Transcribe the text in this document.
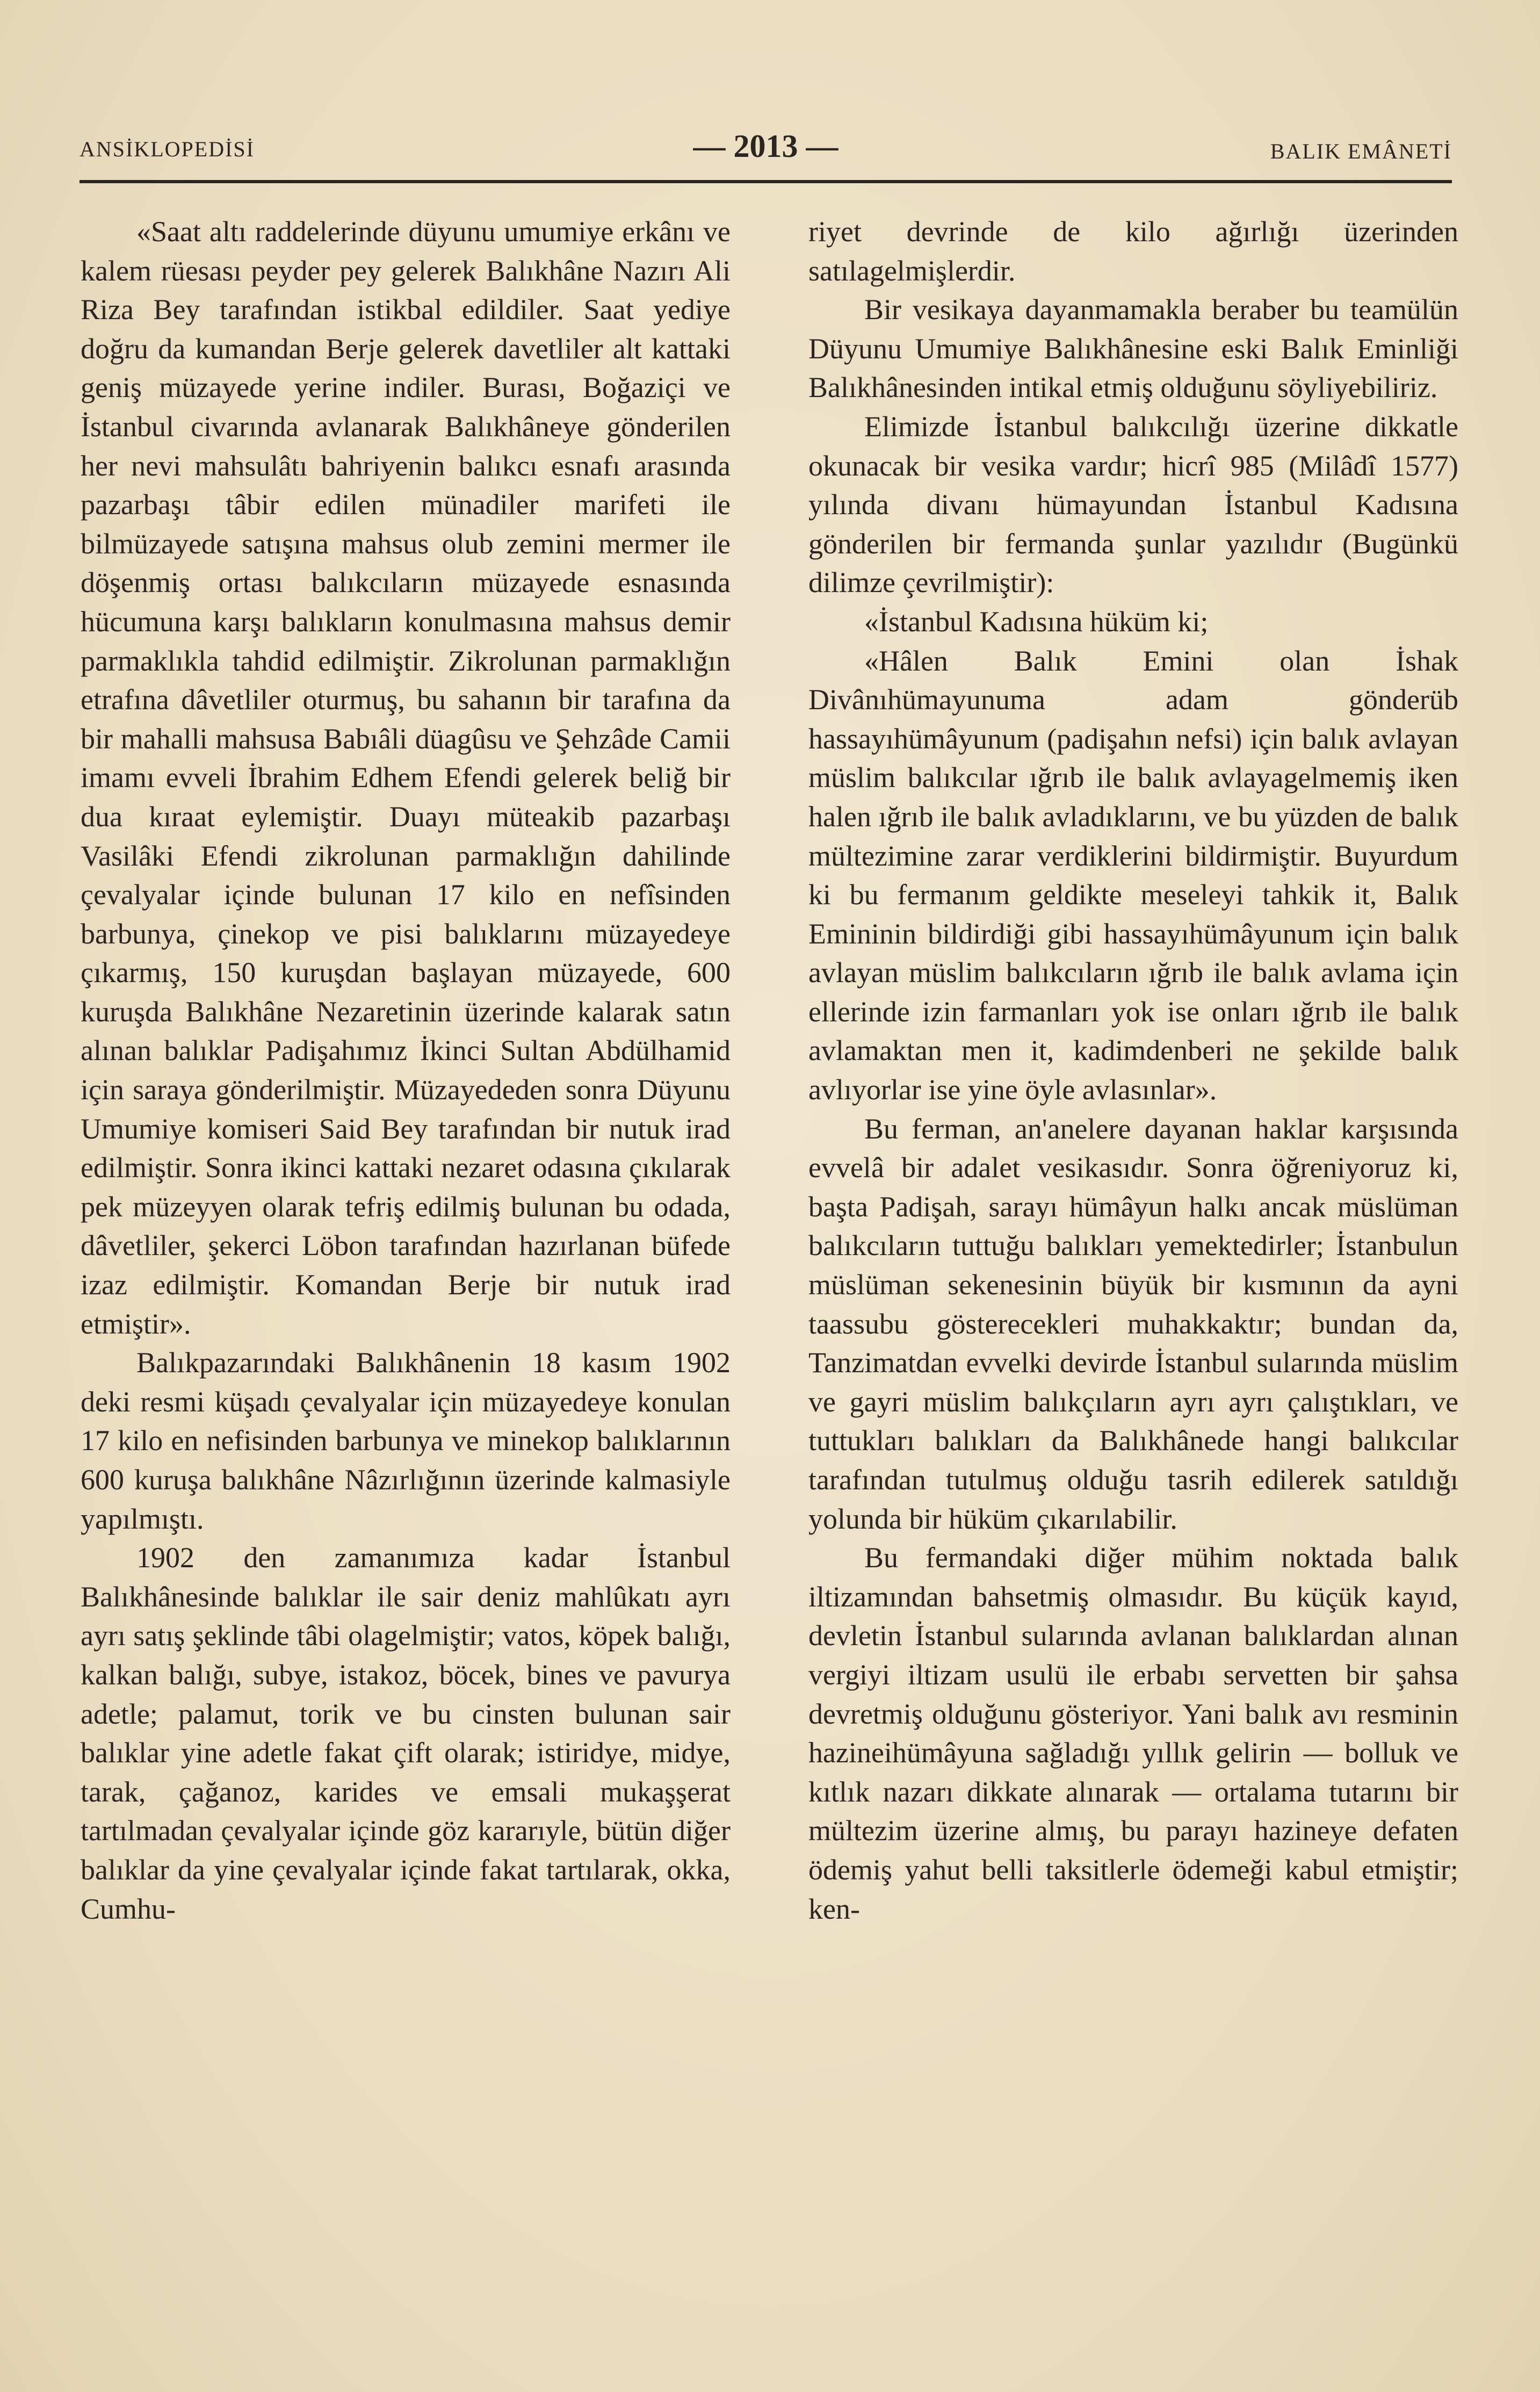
ANSİKLOPEDİSİ	— 2013 —	BALIK EMÂNETİ

«Saat altı raddelerinde düyunu umumiye erkânı ve kalem rüesası peyder pey gelerek Balıkhâne Nazırı Ali Riza Bey tarafından istikbal edildiler. Saat yediye doğru da kumandan Berje gelerek davetliler alt kattaki geniş müzayede yerine indiler. Burası, Boğaziçi ve İstanbul civarında avlanarak Balıkhâneye gönderilen her nevi mahsulâtı bahriyenin balıkcı esnafı arasında pazarbaşı tâbir edilen münadiler marifeti ile bilmüzayede satışına mahsus olub zemini mermer ile döşenmiş ortası balıkcıların müzayede esnasında hücumuna karşı balıkların konulmasına mahsus demir parmaklıkla tahdid edilmiştir. Zikrolunan parmaklığın etrafına dâvetliler oturmuş, bu sahanın bir tarafına da bir mahalli mahsusa Babıâli düagûsu ve Şehzâde Camii imamı evveli İbrahim Edhem Efendi gelerek beliğ bir dua kıraat eylemiştir. Duayı müteakib pazarbaşı Vasilâki Efendi zikrolunan parmaklığın dahilinde çevalyalar içinde bulunan 17 kilo en nefîsinden barbunya, çinekop ve pisi balıklarını müzayedeye çıkarmış, 150 kuruşdan başlayan müzayede, 600 kuruşda Balıkhâne Nezaretinin üzerinde kalarak satın alınan balıklar Padişahımız İkinci Sultan Abdülhamid için saraya gönderilmiştir. Müzayededen sonra Düyunu Umumiye komiseri Said Bey tarafından bir nutuk irad edilmiştir. Sonra ikinci kattaki nezaret odasına çıkılarak pek müzeyyen olarak tefriş edilmiş bulunan bu odada, dâvetliler, şekerci Löbon tarafından hazırlanan büfede izaz edilmiştir. Komandan Berje bir nutuk irad etmiştir».

Balıkpazarındaki Balıkhânenin 18 kasım 1902 deki resmi küşadı çevalyalar için müzayedeye konulan 17 kilo en nefisinden barbunya ve minekop balıklarının 600 kuruşa balıkhâne Nâzırlığının üzerinde kalmasiyle yapılmıştı.

1902 den zamanımıza kadar İstanbul Balıkhânesinde balıklar ile sair deniz mahlûkatı ayrı ayrı satış şeklinde tâbi olagelmiştir; vatos, köpek balığı, kalkan balığı, subye, istakoz, böcek, bines ve pavurya adetle; palamut, torik ve bu cinsten bulunan sair balıklar yine adetle fakat çift olarak; istiridye, midye, tarak, çağanoz, karides ve emsali mukaşşerat tartılmadan çevalyalar içinde göz kararıyle, bütün diğer balıklar da yine çevalyalar içinde fakat tartılarak, okka, Cumhu-

riyet devrinde de kilo ağırlığı üzerinden satılagelmişlerdir.

Bir vesikaya dayanmamakla beraber bu teamülün Düyunu Umumiye Balıkhânesine eski Balık Eminliği Balıkhânesinden intikal etmiş olduğunu söyliyebiliriz.

Elimizde İstanbul balıkcılığı üzerine dikkatle okunacak bir vesika vardır; hicrî 985 (Milâdî 1577) yılında divanı hümayundan İstanbul Kadısına gönderilen bir fermanda şunlar yazılıdır (Bugünkü dilimze çevrilmiştir):

«İstanbul Kadısına hüküm ki;

«Hâlen Balık Emini olan İshak Divânıhümayunuma adam gönderüb hassayıhümâyunum (padişahın nefsi) için balık avlayan müslim balıkcılar ığrıb ile balık avlayagelmemiş iken halen ığrıb ile balık avladıklarını, ve bu yüzden de balık mültezimine zarar verdiklerini bildirmiştir. Buyurdum ki bu fermanım geldikte meseleyi tahkik it, Balık Emininin bildirdiği gibi hassayıhümâyunum için balık avlayan müslim balıkcıların ığrıb ile balık avlama için ellerinde izin farmanları yok ise onları ığrıb ile balık avlamaktan men it, kadimdenberi ne şekilde balık avlıyorlar ise yine öyle avlasınlar».

Bu ferman, an'anelere dayanan haklar karşısında evvelâ bir adalet vesikasıdır. Sonra öğreniyoruz ki, başta Padişah, sarayı hümâyun halkı ancak müslüman balıkcıların tuttuğu balıkları yemektedirler; İstanbulun müslüman sekenesinin büyük bir kısmının da ayni taassubu gösterecekleri muhakkaktır; bundan da, Tanzimatdan evvelki devirde İstanbul sularında müslim ve gayri müslim balıkçıların ayrı ayrı çalıştıkları, ve tuttukları balıkları da Balıkhânede hangi balıkcılar tarafından tutulmuş olduğu tasrih edilerek satıldığı yolunda bir hüküm çıkarılabilir.

Bu fermandaki diğer mühim noktada balık iltizamından bahsetmiş olmasıdır. Bu küçük kayıd, devletin İstanbul sularında avlanan balıklardan alınan vergiyi iltizam usulü ile erbabı servetten bir şahsa devretmiş olduğunu gösteriyor. Yani balık avı resminin hazineihümâyuna sağladığı yıllık gelirin — bolluk ve kıtlık nazarı dikkate alınarak — ortalama tutarını bir mültezim üzerine almış, bu parayı hazineye defaten ödemiş yahut belli taksitlerle ödemeği kabul etmiştir; ken-
